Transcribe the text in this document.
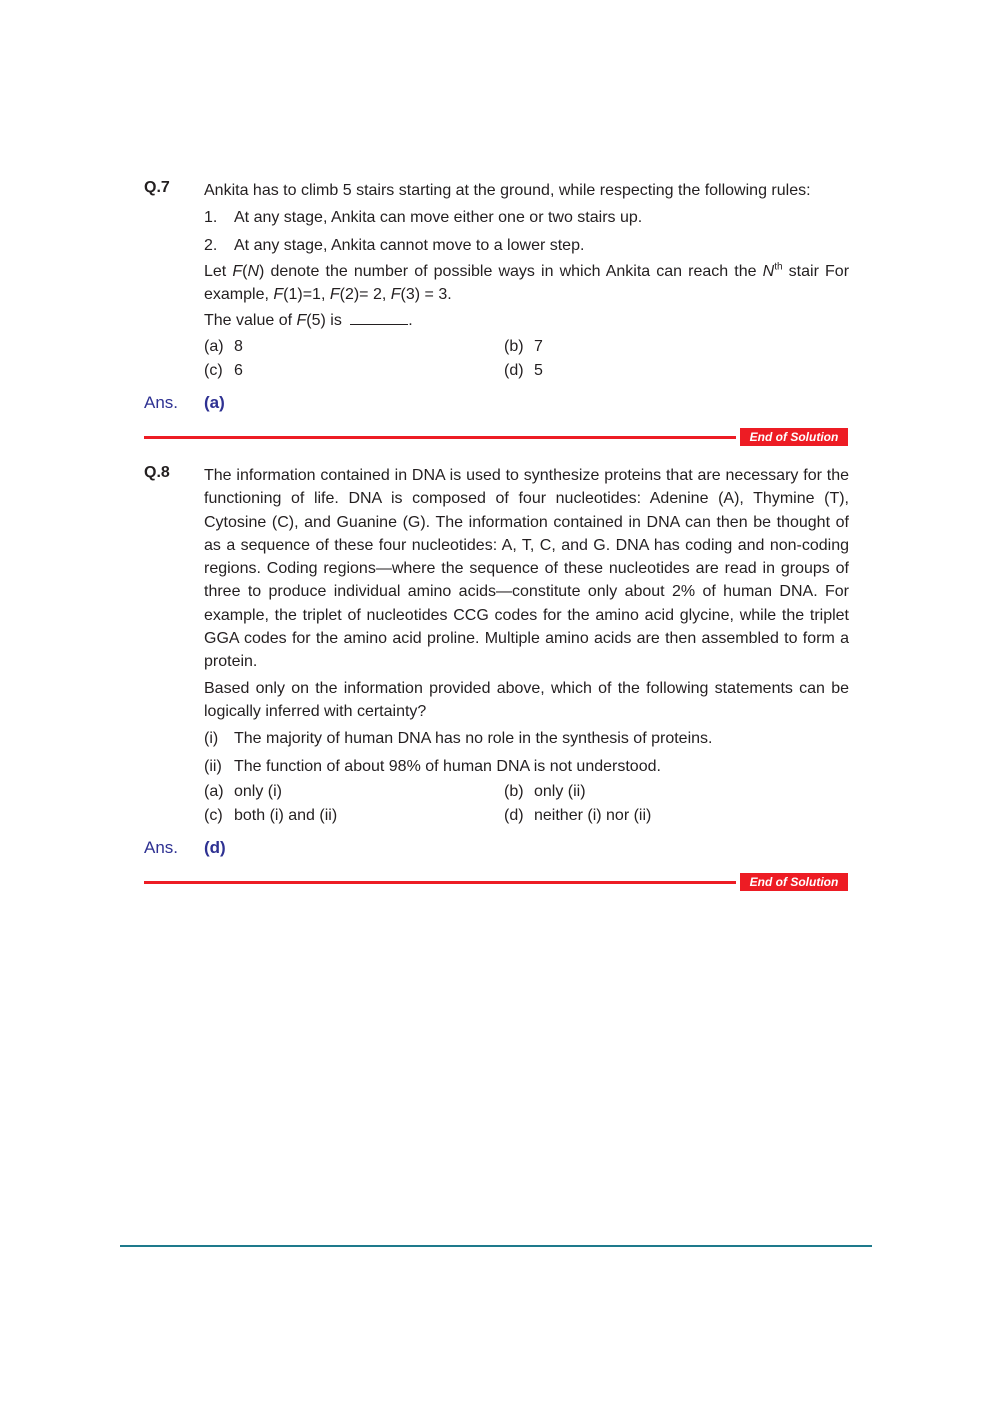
Q.7 Ankita has to climb 5 stairs starting at the ground, while respecting the following rules:

1.	At any stage, Ankita can move either one or two stairs up.
2.	At any stage, Ankita cannot move to a lower step.

Let F(N) denote the number of possible ways in which Ankita can reach the $N^{th}$ stair For example, F(1)=1, F(2)= 2, F(3) = 3.

The value of F(5) is	.

(a) 8	(b) 7
(c) 6	(d) 5
Ans. (a)
End of Solution
Q.8 The information contained in DNA is used to synthesize proteins that are necessary for the functioning of life. DNA is composed of four nucleotides: Adenine (A), Thymine (T), Cytosine (C), and Guanine (G). The information contained in DNA can then be thought of as a sequence of these four nucleotides: A, T, C, and G. DNA has coding and non-coding regions. Coding regions—where the sequence of these nucleotides are read in groups of three to produce individual amino acids—constitute only about 2% of human DNA. For example, the triplet of nucleotides CCG codes for the amino acid glycine, while the triplet GGA codes for the amino acid proline. Multiple amino acids are then assembled to form a protein.

Based only on the information provided above, which of the following statements can be logically inferred with certainty?

(i) The majority of human DNA has no role in the synthesis of proteins.
(ii) The function of about 98% of human DNA is not understood.
(a) only (i)	(b) only (ii)
(c) both (i) and (ii)	(d) neither (i) nor (ii)
Ans. (d)
End of Solution
